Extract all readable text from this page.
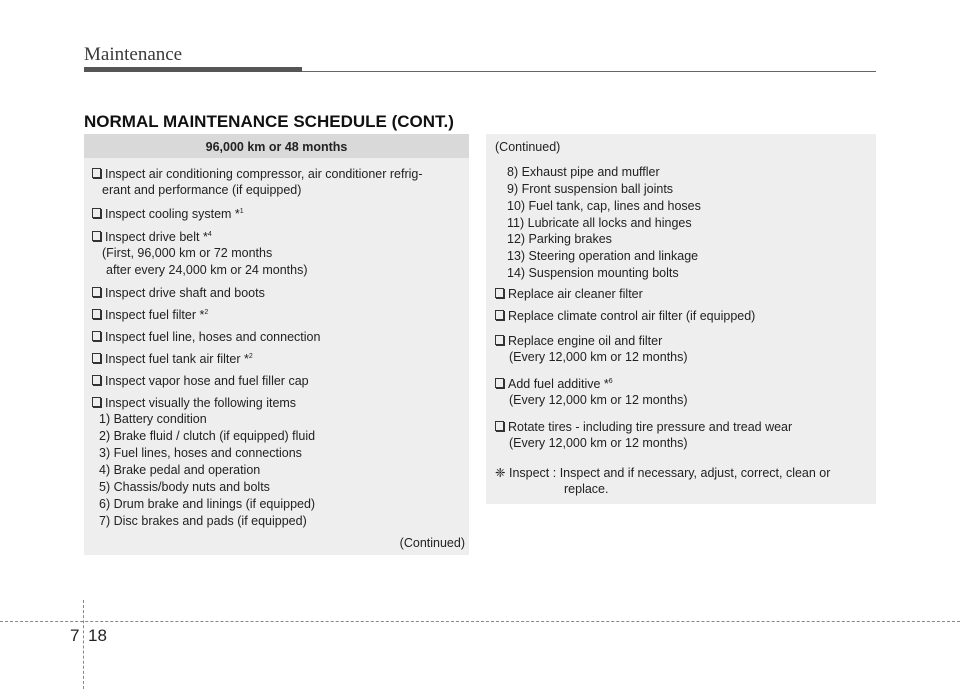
Maintenance
NORMAL MAINTENANCE SCHEDULE (CONT.)
96,000 km or 48 months
Inspect air conditioning compressor, air conditioner refrig-
erant and performance (if equipped)
Inspect cooling system *$^1$
Inspect drive belt *$^4$
(First, 96,000 km or 72 months
after every 24,000 km or 24 months)
Inspect drive shaft and boots
Inspect fuel filter *$^2$
Inspect fuel line, hoses and connection
Inspect fuel tank air filter *$^2$
Inspect vapor hose and fuel filler cap
Inspect visually the following items
1) Battery condition
2) Brake fluid / clutch (if equipped) fluid
3) Fuel lines, hoses and connections
4) Brake pedal and operation
5) Chassis/body nuts and bolts
6) Drum brake and linings (if equipped)
7) Disc brakes and pads (if equipped)
(Continued)
(Continued)
8) Exhaust pipe and muffler
9) Front suspension ball joints
10) Fuel tank, cap, lines and hoses
11) Lubricate all locks and hinges
12) Parking brakes
13) Steering operation and linkage
14) Suspension mounting bolts
Replace air cleaner filter
Replace climate control air filter (if equipped)
Replace engine oil and filter
(Every 12,000 km or 12 months)
Add fuel additive *$^6$
(Every 12,000 km or 12 months)
Rotate tires - including tire pressure and tread wear
(Every 12,000 km or 12 months)
❈ Inspect : Inspect and if necessary, adjust, correct, clean or
replace.
7 18
